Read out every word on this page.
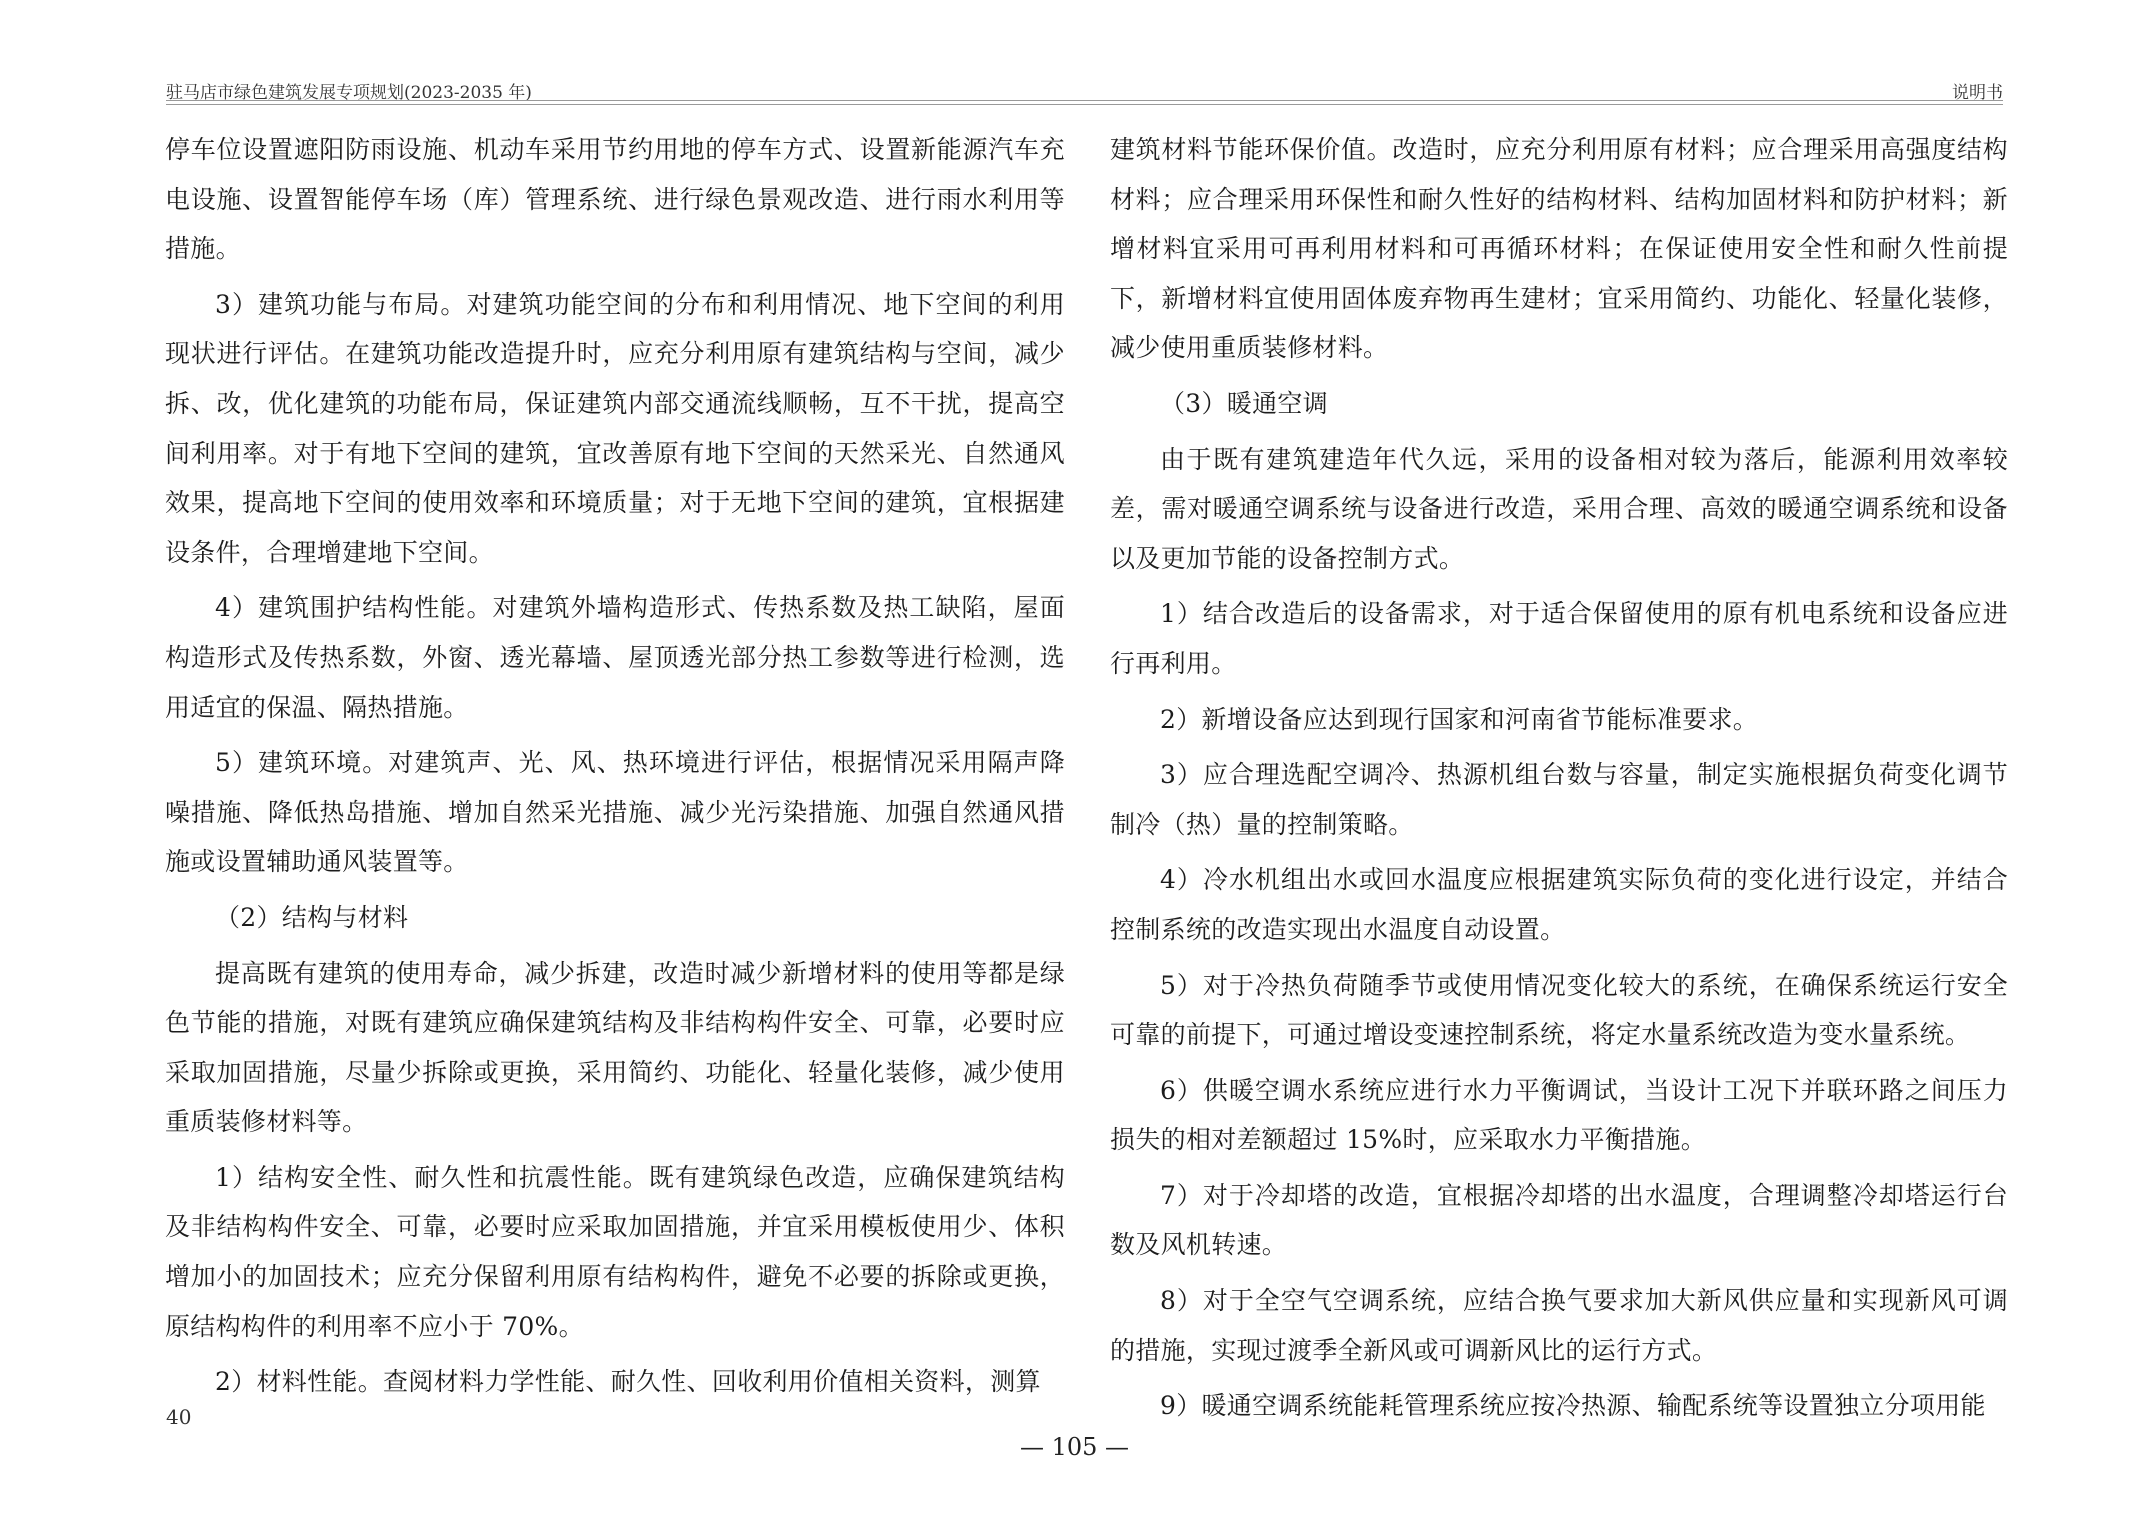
驻马店市绿色建筑发展专项规划(2023-2035 年)	说明书

停车位设置遮阳防雨设施、机动车采用节约用地的停车方式、设置新能源汽车充电设施、设置智能停车场（库）管理系统、进行绿色景观改造、进行雨水利用等措施。

3）建筑功能与布局。对建筑功能空间的分布和利用情况、地下空间的利用现状进行评估。在建筑功能改造提升时，应充分利用原有建筑结构与空间，减少拆、改，优化建筑的功能布局，保证建筑内部交通流线顺畅，互不干扰，提高空间利用率。对于有地下空间的建筑，宜改善原有地下空间的天然采光、自然通风效果，提高地下空间的使用效率和环境质量；对于无地下空间的建筑，宜根据建设条件，合理增建地下空间。

4）建筑围护结构性能。对建筑外墙构造形式、传热系数及热工缺陷，屋面构造形式及传热系数，外窗、透光幕墙、屋顶透光部分热工参数等进行检测，选用适宜的保温、隔热措施。

5）建筑环境。对建筑声、光、风、热环境进行评估，根据情况采用隔声降噪措施、降低热岛措施、增加自然采光措施、减少光污染措施、加强自然通风措施或设置辅助通风装置等。

（2）结构与材料

提高既有建筑的使用寿命，减少拆建，改造时减少新增材料的使用等都是绿色节能的措施，对既有建筑应确保建筑结构及非结构构件安全、可靠，必要时应采取加固措施，尽量少拆除或更换，采用简约、功能化、轻量化装修，减少使用重质装修材料等。

1）结构安全性、耐久性和抗震性能。既有建筑绿色改造，应确保建筑结构及非结构构件安全、可靠，必要时应采取加固措施，并宜采用模板使用少、体积增加小的加固技术；应充分保留利用原有结构构件，避免不必要的拆除或更换，原结构构件的利用率不应小于 70%。

2）材料性能。查阅材料力学性能、耐久性、回收利用价值相关资料，测算

建筑材料节能环保价值。改造时，应充分利用原有材料；应合理采用高强度结构材料；应合理采用环保性和耐久性好的结构材料、结构加固材料和防护材料；新增材料宜采用可再利用材料和可再循环材料；在保证使用安全性和耐久性前提下，新增材料宜使用固体废弃物再生建材；宜采用简约、功能化、轻量化装修，减少使用重质装修材料。

（3）暖通空调

由于既有建筑建造年代久远，采用的设备相对较为落后，能源利用效率较差，需对暖通空调系统与设备进行改造，采用合理、高效的暖通空调系统和设备以及更加节能的设备控制方式。

1）结合改造后的设备需求，对于适合保留使用的原有机电系统和设备应进行再利用。

2）新增设备应达到现行国家和河南省节能标准要求。

3）应合理选配空调冷、热源机组台数与容量，制定实施根据负荷变化调节制冷（热）量的控制策略。

4）冷水机组出水或回水温度应根据建筑实际负荷的变化进行设定，并结合控制系统的改造实现出水温度自动设置。

5）对于冷热负荷随季节或使用情况变化较大的系统，在确保系统运行安全可靠的前提下，可通过增设变速控制系统，将定水量系统改造为变水量系统。

6）供暖空调水系统应进行水力平衡调试，当设计工况下并联环路之间压力损失的相对差额超过 15%时，应采取水力平衡措施。

7）对于冷却塔的改造，宜根据冷却塔的出水温度，合理调整冷却塔运行台数及风机转速。

8）对于全空气空调系统，应结合换气要求加大新风供应量和实现新风可调的措施，实现过渡季全新风或可调新风比的运行方式。

9）暖通空调系统能耗管理系统应按冷热源、输配系统等设置独立分项用能

40
— 105 —
